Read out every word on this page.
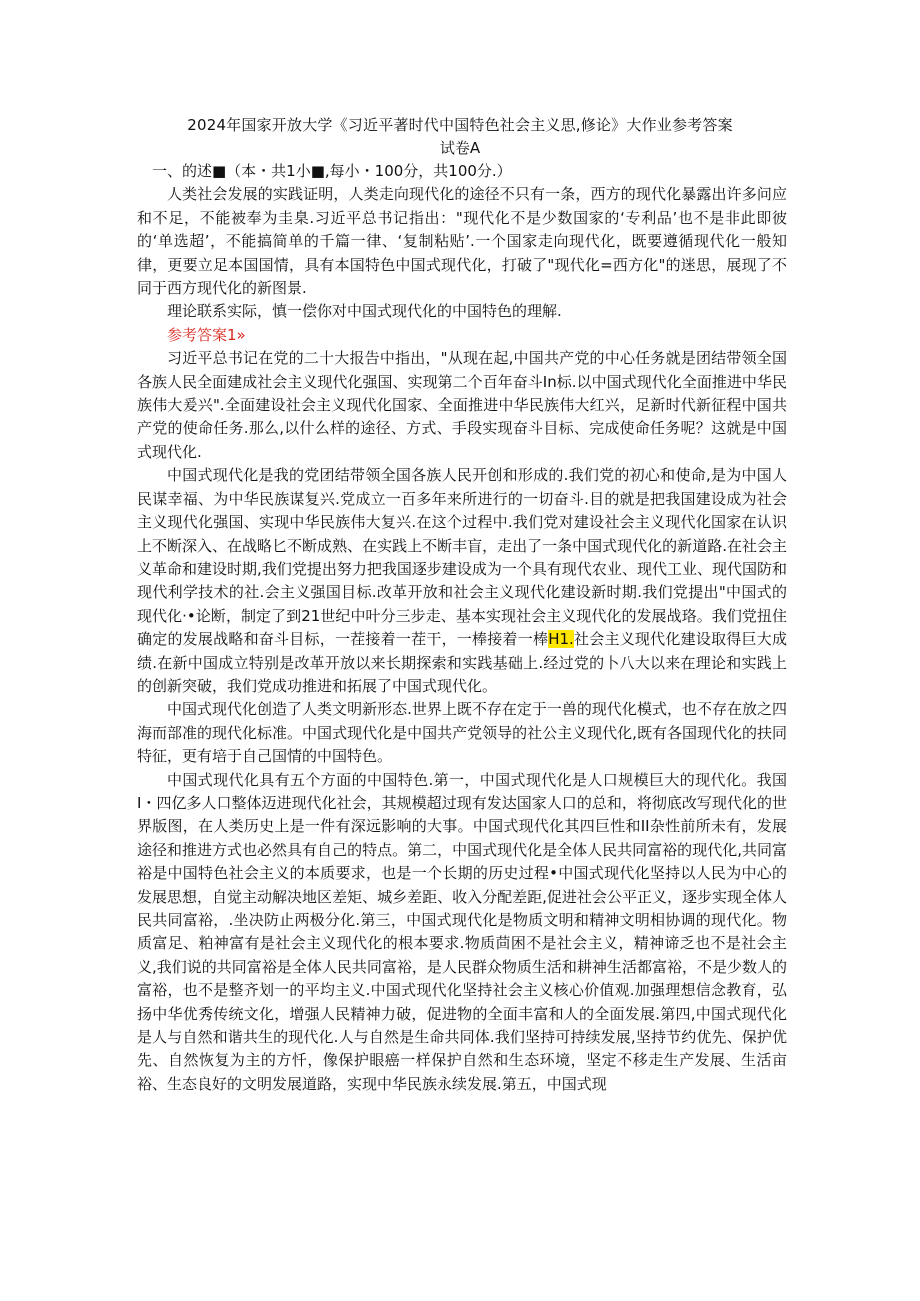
2024年国家开放大学《习近平著时代中国特色社会主义思,修论》大作业参考答案
试卷A

一、的述■（本・共1小■,每小・100分，共100分.）

人类社会发展的实践证明，人类走向现代化的途径不只有一条，西方的现代化暴露出许多问应和不足，不能被奉为圭臬.习近平总书记指出："现代化不是少数国家的‘专利品’也不是非此即彼的‘单选超’，不能搞简单的千篇一律、‘复制粘贴’.一个国家走向现代化，既要遵循现代化一般知律，更要立足本国国情，具有本国特色中国式现代化，打破了"现代化=西方化"的迷思，展现了不同于西方现代化的新图景.

理论联系实际，慎一偿你对中国式现代化的中国特色的理解.

参考答案1»

习近平总书记在党的二十大报告中指出，"从现在起,中国共产党的中心任务就是团结带领全国各族人民全面建成社会主义现代化强国、实现第二个百年奋斗In标.以中国式现代化全面推进中华民族伟大爰兴".全面建设社会主义现代化国家、全面推进中华民族伟大红兴，足新时代新征程中国共产党的使命任务.那么,以什么样的途径、方式、手段实现奋斗目标、完成使命任务呢？这就是中国式现代化.

中国式现代化是我的党团结带领全国各族人民开创和形成的.我们党的初心和使命,是为中国人民谋幸福、为中华民族谋复兴.党成立一百多年来所进行的一切奋斗.目的就是把我国建设成为社会主义现代化强国、实现中华民族伟大复兴.在这个过程中.我们党对建设社会主义现代化国家在认识上不断深入、在战略匕不断成熟、在实践上不断丰盲，走出了一条中国式现代化的新道路.在社会主义革命和建设时期,我们党提出努力把我国逐步建设成为一个具有现代农业、现代工业、现代国防和现代利学技术的社.会主义强国目标.改革开放和社会主义现代化建设新时期.我们党提出"中国式的现代化·•论断，制定了到21世纪中叶分三步走、基本实现社会主义现代化的发展战珞。我们党扭住确定的发展战略和奋斗目标，一茬接着一茬干，一棒接着一棒H1.社会主义现代化建设取得巨大成绩.在新中国成立特别是改革开放以来长期探索和实践基础上.经过党的卜八大以来在理论和实践上的创新突破，我们党成功推进和拓展了中国式现代化。

中国式现代化创造了人类文明新形态.世界上既不存在定于一兽的现代化模式，也不存在放之四海而部准的现代化标准。中国式现代化是中国共产党领导的社公主义现代化,既有各国现代化的扶同特征，更有培于自己国情的中国特色。

中国式现代化具有五个方面的中国特色.第一，中国式现代化是人口规模巨大的现代化。我国I・四亿多人口整体迈进现代化社会，其规模超过现有发达国家人口的总和，将彻底改写现代化的世界版图，在人类历史上是一件有深远影响的大事。中国式现代化其四巨性和II杂性前所未有，发展途径和推进方式也必然具有自己的特点。第二，中国式现代化是全体人民共同富裕的现代化,共同富裕是中国特色社会主义的本质要求，也是一个长期的历史过程•中国式现代化坚持以人民为中心的发展思想，自觉主动解决地区差矩、城乡差距、收入分配差距,促进社会公平正义，逐步实现全体人民共同富裕，.坐决防止两极分化.第三，中国式现代化是物质文明和精神文明相协调的现代化。物质富足、粕神富有是社会主义现代化的根本要求.物质茴困不是社会主义，精神谛乏也不是社会主义,我们说的共同富裕是全体人民共同富裕，是人民群众物质生活和耕神生活都富裕，不是少数人的富裕，也不是整齐划一的平均主义.中国式现代化坚持社会主义核心价值观.加强理想信念教育，弘扬中华优秀传统文化，增强人民精神力破，促进物的全面丰富和人的全面发展.第四,中国式现代化是人与自然和谐共生的现代化.人与自然是生命共同体.我们坚持可持续发展,坚持节约优先、保护优先、自然恢复为主的方忏，像保护眼癌一样保护自然和生态环境，坚定不移走生产发展、生活亩裕、生态良好的文明发展道路，实现中华民族永续发展.第五，中国式现
